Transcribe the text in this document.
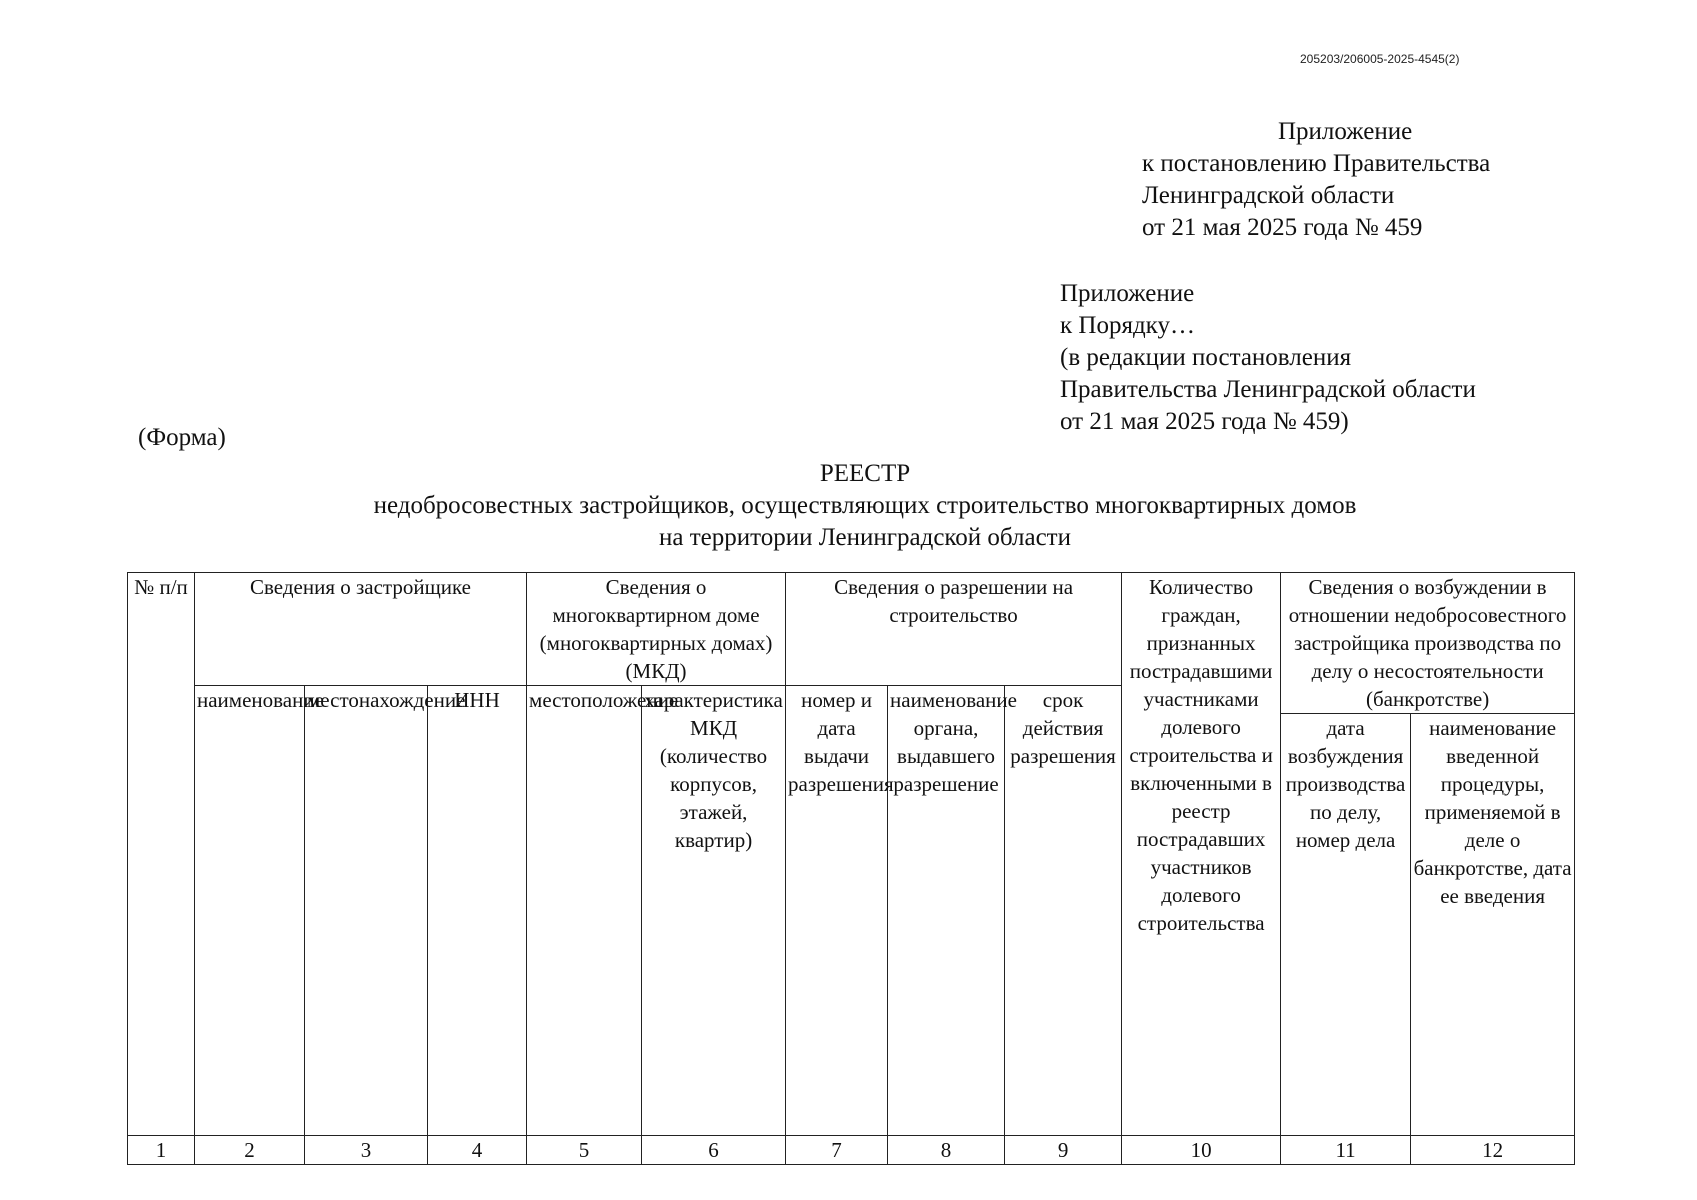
205203/206005-2025-4545(2)
Приложение
к постановлению Правительства
Ленинградской области
от 21 мая 2025 года № 459
Приложение
к Порядку…
(в редакции постановления
Правительства Ленинградской области
от 21 мая 2025 года № 459)
(Форма)
РЕЕСТР
недобросовестных застройщиков, осуществляющих строительство многоквартирных домов
на территории Ленинградской области
№ п/п	Сведения о застройщике			Сведения о многоквартирном доме (многоквартирных домах) (МКД)		Сведения о разрешении на строительство			Количество граждан, признанных пострадавшими участниками долевого строительства и включенными в реестр пострадавших участников долевого строительства	Сведения о возбуждении в отношении недобросовестного застройщика производства по делу о несостоятельности (банкротстве)	
	наименование	местонахождение	ИНН	местоположение	характеристика МКД (количество корпусов, этажей, квартир)	номер и дата выдачи разрешения	наименование органа, выдавшего разрешение	срок действия разрешения			
										дата возбуждения производства по делу, номер дела	наименование введенной процедуры, применяемой в деле о банкротстве, дата ее введения
1	2	3	4	5	6	7	8	9	10	11	12
